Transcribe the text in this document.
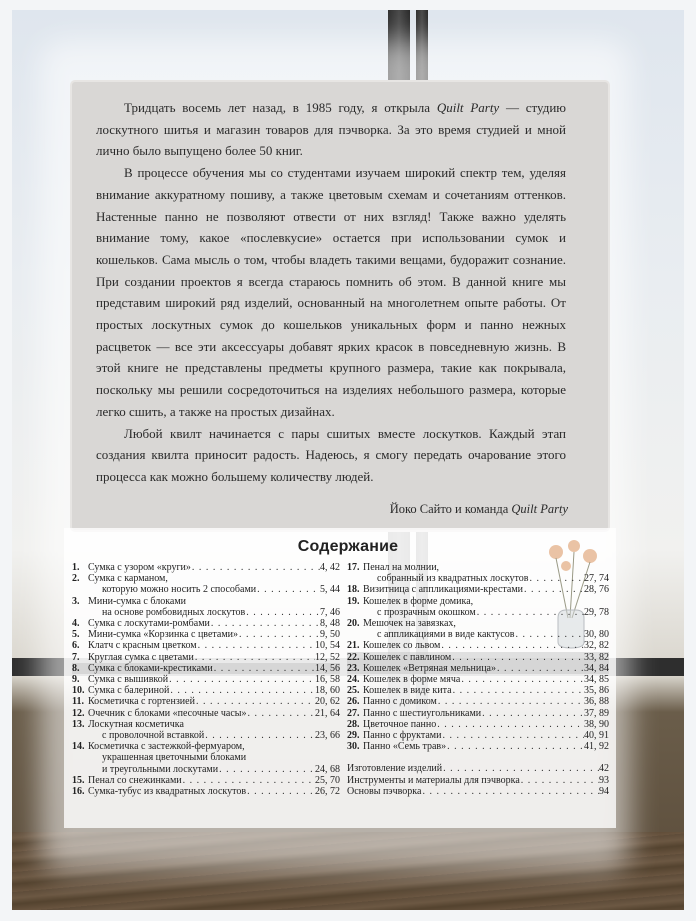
Тридцать восемь лет назад, в 1985 году, я открыла Quilt Party — студию лоскутного шитья и магазин товаров для пэчворка. За это время студией и мной лично было выпущено более 50 книг.

В процессе обучения мы со студентами изучаем широкий спектр тем, уделяя внимание аккуратному пошиву, а также цветовым схемам и сочетаниям оттенков. Настенные панно не позволяют отвести от них взгляд! Также важно уделять внимание тому, какое «послевкусие» остается при использовании сумок и кошельков. Сама мысль о том, чтобы владеть такими вещами, будоражит сознание. При создании проектов я всегда стараюсь помнить об этом. В данной книге мы представим широкий ряд изделий, основанный на многолетнем опыте работы. От простых лоскутных сумок до кошельков уникальных форм и панно нежных расцветок — все эти аксессуары добавят ярких красок в повседневную жизнь. В этой книге не представлены предметы крупного размера, такие как покрывала, поскольку мы решили сосредоточиться на изделиях небольшого размера, которые легко сшить, а также на простых дизайнах.

Любой квилт начинается с пары сшитых вместе лоскутков. Каждый этап создания квилта приносит радость. Надеюсь, я смогу передать очарование этого процесса как можно большему количеству людей.

Йоко Сайто и команда Quilt Party
Содержание
1. Сумка с узором «круги» . . .	4, 42
2. Сумка с карманом,
которую можно носить 2 способами . . .	5, 44
3. Мини-сумка с блоками
на основе ромбовидных лоскутов . . .	7, 46
4. Сумка с лоскутами-ромбами . . .	8, 48
5. Мини-сумка «Корзинка с цветами» . . .	9, 50
6. Клатч с красным цветком . . .	10, 54
7. Круглая сумка с цветами . . .	12, 52
8. Сумка с блоками-крестиками . . .	14, 56
9. Сумка с вышивкой . . .	16, 58
10. Сумка с балериной . . .	18, 60
11. Косметичка с гортензией . . .	20, 62
12. Очечник с блоками «песочные часы» . . .	21, 64
13. Лоскутная косметичка
с проволочной вставкой . . .	23, 66
14. Косметичка с застежкой-фермуаром,
украшенная цветочными блоками
и треугольными лоскутами . . .	24, 68
15. Пенал со снежинками . . .	25, 70
16. Сумка-тубус из квадратных лоскутов . . .	26, 72
17. Пенал на молнии,
собранный из квадратных лоскутов . . .	27, 74
18. Визитница с аппликациями-крестами . . .	28, 76
19. Кошелек в форме домика,
с прозрачным окошком . . .	29, 78
20. Мешочек на завязках,
с аппликациями в виде кактусов . . .	30, 80
21. Кошелек со львом . . .	32, 82
22. Кошелек с павлином . . .	33, 82
23. Кошелек «Ветряная мельница» . . .	34, 84
24. Кошелек в форме мяча . . .	34, 85
25. Кошелек в виде кита . . .	35, 86
26. Панно с домиком . . .	36, 88
27. Панно с шестиугольниками . . .	37, 89
28. Цветочное панно . . .	38, 90
29. Панно с фруктами . . .	40, 91
30. Панно «Семь трав» . . .	41, 92
Изготовление изделий . . .	42
Инструменты и материалы для пэчворка . . .	93
Основы пэчворка . . .	94
